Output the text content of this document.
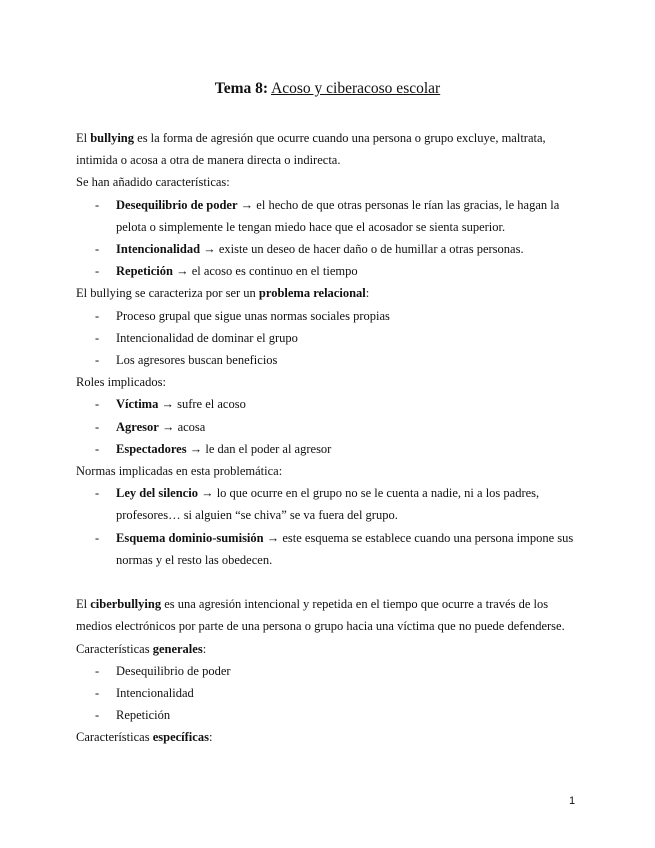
Tema 8: Acoso y ciberacoso escolar

El bullying es la forma de agresión que ocurre cuando una persona o grupo excluye, maltrata, intimida o acosa a otra de manera directa o indirecta.

Se han añadido características:

- Desequilibrio de poder → el hecho de que otras personas le rían las gracias, le hagan la pelota o simplemente le tengan miedo hace que el acosador se sienta superior.
- Intencionalidad → existe un deseo de hacer daño o de humillar a otras personas.
- Repetición → el acoso es continuo en el tiempo

El bullying se caracteriza por ser un problema relacional:

- Proceso grupal que sigue unas normas sociales propias
- Intencionalidad de dominar el grupo
- Los agresores buscan beneficios

Roles implicados:

- Víctima → sufre el acoso
- Agresor → acosa
- Espectadores → le dan el poder al agresor

Normas implicadas en esta problemática:

- Ley del silencio → lo que ocurre en el grupo no se le cuenta a nadie, ni a los padres, profesores… si alguien “se chiva” se va fuera del grupo.
- Esquema dominio-sumisión → este esquema se establece cuando una persona impone sus normas y el resto las obedecen.

El ciberbullying es una agresión intencional y repetida en el tiempo que ocurre a través de los medios electrónicos por parte de una persona o grupo hacia una víctima que no puede defenderse.

Características generales:

- Desequilibrio de poder
- Intencionalidad
- Repetición

Características específicas:

1
